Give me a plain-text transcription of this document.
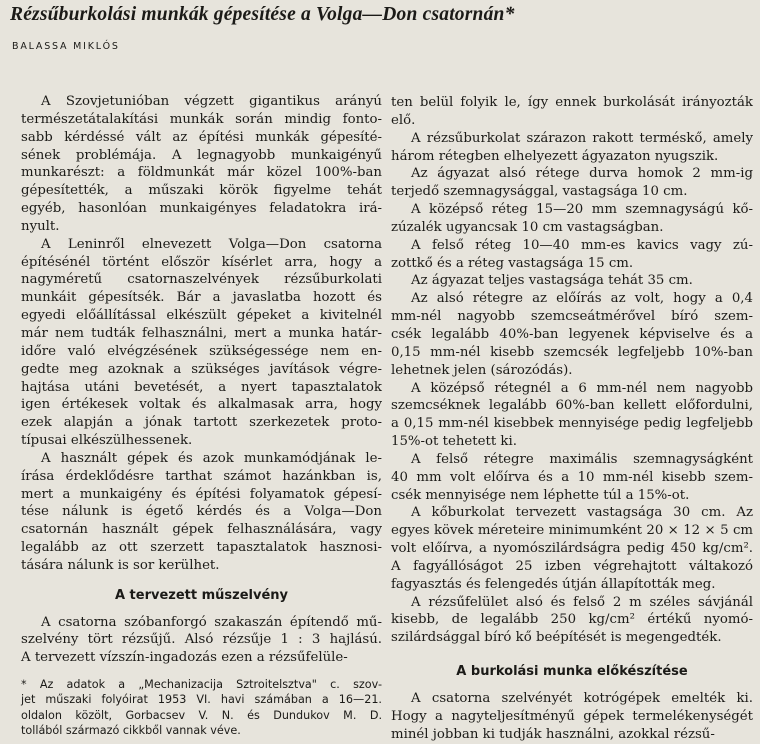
Rézsűburkolási munkák gépesítése a Volga—Don csatornán*
BALASSA MIKLÓS

A Szovjetunióban végzett gigantikus arányú
természetátalakítási munkák során mindig fonto-
sabb kérdéssé vált az építési munkák gépesíté-
sének problémája. A legnagyobb munkaigényű
munkarészt: a földmunkát már közel 100%-ban
gépesítették, a műszaki körök figyelme tehát
egyéb, hasonlóan munkaigényes feladatokra irá-
nyult.

A Leninről elnevezett Volga—Don csatorna
építésénél történt először kísérlet arra, hogy a
nagyméretű csatornaszelvények rézsűburkolati
munkáit gépesítsék. Bár a javaslatba hozott és
egyedi előállítással elkészült gépeket a kivitelnél
már nem tudták felhasználni, mert a munka határ-
időre való elvégzésének szükségessége nem en-
gedte meg azoknak a szükséges javítások végre-
hajtása utáni bevetését, a nyert tapasztalatok
igen értékesek voltak és alkalmasak arra, hogy
ezek alapján a jónak tartott szerkezetek proto-
típusai elkészülhessenek.

A használt gépek és azok munkamódjának le-
írása érdeklődésre tarthat számot hazánkban is,
mert a munkaigény és építési folyamatok gépesí-
tése nálunk is égető kérdés és a Volga—Don
csatornán használt gépek felhasználására, vagy
legalább az ott szerzett tapasztalatok hasznosi-
tására nálunk is sor kerülhet.

A tervezett műszelvény

A csatorna szóbanforgó szakaszán építendő mű-
szelvény tört rézsűjű. Alsó rézsűje 1 : 3 hajlású.
A tervezett vízszín-ingadozás ezen a rézsűfelüle-

* Az adatok a „Mechanizacija Sztroitelsztva" c. szov-
jet műszaki folyóirat 1953 VI. havi számában a 16—21.
oldalon közölt, Gorbacsev V. N. és Dundukov M. D.
tollából származó cikkből vannak véve.

ten belül folyik le, így ennek burkolását irányozták
elő.

A rézsűburkolat szárazon rakott terméskő, amely
három rétegben elhelyezett ágyazaton nyugszik.

Az ágyazat alsó rétege durva homok 2 mm-ig
terjedő szemnagysággal, vastagsága 10 cm.

A középső réteg 15—20 mm szemnagyságú kő-
zúzalék ugyancsak 10 cm vastagságban.

A felső réteg 10—40 mm-es kavics vagy zú-
zottkő és a réteg vastagsága 15 cm.

Az ágyazat teljes vastagsága tehát 35 cm.

Az alsó rétegre az előírás az volt, hogy a 0,4
mm-nél nagyobb szemcseátmérővel bíró szem-
csék legalább 40%-ban legyenek képviselve és a
0,15 mm-nél kisebb szemcsék legfeljebb 10%-ban
lehetnek jelen (sározódás).

A középső rétegnél a 6 mm-nél nem nagyobb
szemcséknek legalább 60%-ban kellett előfordulni,
a 0,15 mm-nél kisebbek mennyisége pedig legfeljebb
15%-ot tehetett ki.

A felső rétegre maximális szemnagyságként
40 mm volt előírva és a 10 mm-nél kisebb szem-
csék mennyisége nem léphette túl a 15%-ot.

A kőburkolat tervezett vastagsága 30 cm. Az
egyes kövek méreteire minimumként 20 × 12 × 5 cm
volt előírva, a nyomószilárdságra pedig 450 kg/cm².
A fagyállóságot 25 izben végrehajtott váltakozó
fagyasztás és felengedés útján állapították meg.

A rézsűfelület alsó és felső 2 m széles sávjánál
kisebb, de legalább 250 kg/cm² értékű nyomó-
szilárdsággal bíró kő beépítését is megengedték.

A burkolási munka előkészítése

A csatorna szelvényét kotrógépek emelték ki.
Hogy a nagyteljesítményű gépek termelékenységét
minél jobban ki tudják használni, azokkal rézsű-
